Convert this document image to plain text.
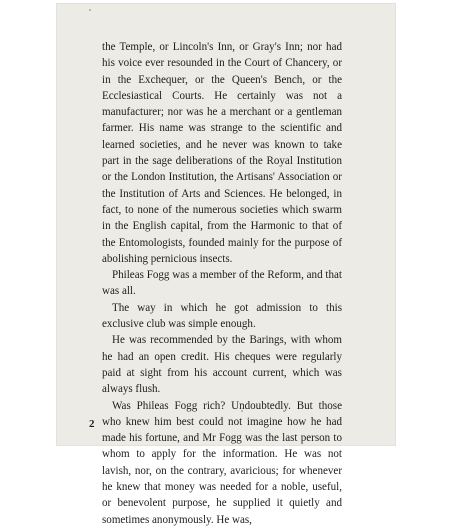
the Temple, or Lincoln's Inn, or Gray's Inn; nor had his voice ever resounded in the Court of Chancery, or in the Exchequer, or the Queen's Bench, or the Ecclesiastical Courts. He certainly was not a manufacturer; nor was he a merchant or a gentleman farmer. His name was strange to the scientific and learned societies, and he never was known to take part in the sage deliberations of the Royal Institution or the London Institution, the Artisans' Association or the Institution of Arts and Sciences. He belonged, in fact, to none of the numerous societies which swarm in the English capital, from the Harmonic to that of the Entomologists, founded mainly for the purpose of abolishing pernicious insects.

Phileas Fogg was a member of the Reform, and that was all.

The way in which he got admission to this exclusive club was simple enough.

He was recommended by the Barings, with whom he had an open credit. His cheques were regularly paid at sight from his account current, which was always flush.

Was Phileas Fogg rich? Undoubtedly. But those who knew him best could not imagine how he had made his fortune, and Mr Fogg was the last person to whom to apply for the information. He was not lavish, nor, on the contrary, avaricious; for whenever he knew that money was needed for a noble, useful, or benevolent purpose, he supplied it quietly and sometimes anonymously. He was,

2
